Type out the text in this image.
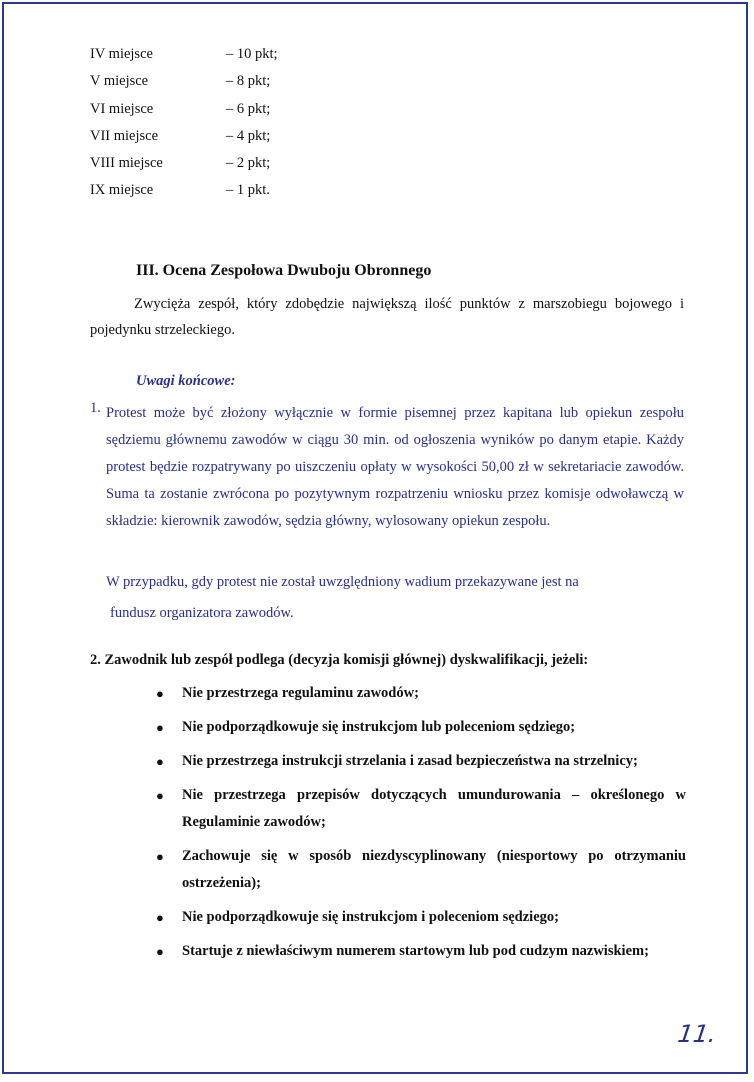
IV miejsce	– 10 pkt;
V miejsce	– 8 pkt;
VI miejsce	– 6 pkt;
VII miejsce	– 4 pkt;
VIII miejsce	– 2 pkt;
IX miejsce	– 1 pkt.
III. Ocena Zespołowa Dwuboju Obronnego
Zwycięża zespół, który zdobędzie największą ilość punktów z marszobiegu bojowego i pojedynku strzeleckiego.
Uwagi końcowe:
1. Protest może być złożony wyłącznie w formie pisemnej przez kapitana lub opiekun zespołu sędziemu głównemu zawodów w ciągu 30 min. od ogłoszenia wyników po danym etapie. Każdy protest będzie rozpatrywany po uiszczeniu opłaty w wysokości 50,00 zł w sekretariacie zawodów. Suma ta zostanie zwrócona po pozytywnym rozpatrzeniu wniosku przez komisje odwoławczą w składzie: kierownik zawodów, sędzia główny, wylosowany opiekun zespołu.
W przypadku, gdy protest nie został uwzględniony wadium przekazywane jest na
fundusz organizatora zawodów.
2. Zawodnik lub zespół podlega (decyzja komisji głównej) dyskwalifikacji, jeżeli:
● Nie przestrzega regulaminu zawodów;
● Nie podporządkowuje się instrukcjom lub poleceniom sędziego;
● Nie przestrzega instrukcji strzelania i zasad bezpieczeństwa na strzelnicy;
● Nie przestrzega przepisów dotyczących umundurowania – określonego w Regulaminie zawodów;
● Zachowuje się w sposób niezdyscyplinowany (niesportowy po otrzymaniu ostrzeżenia);
● Nie podporządkowuje się instrukcjom i poleceniom sędziego;
● Startuje z niewłaściwym numerem startowym lub pod cudzym nazwiskiem;
11.
